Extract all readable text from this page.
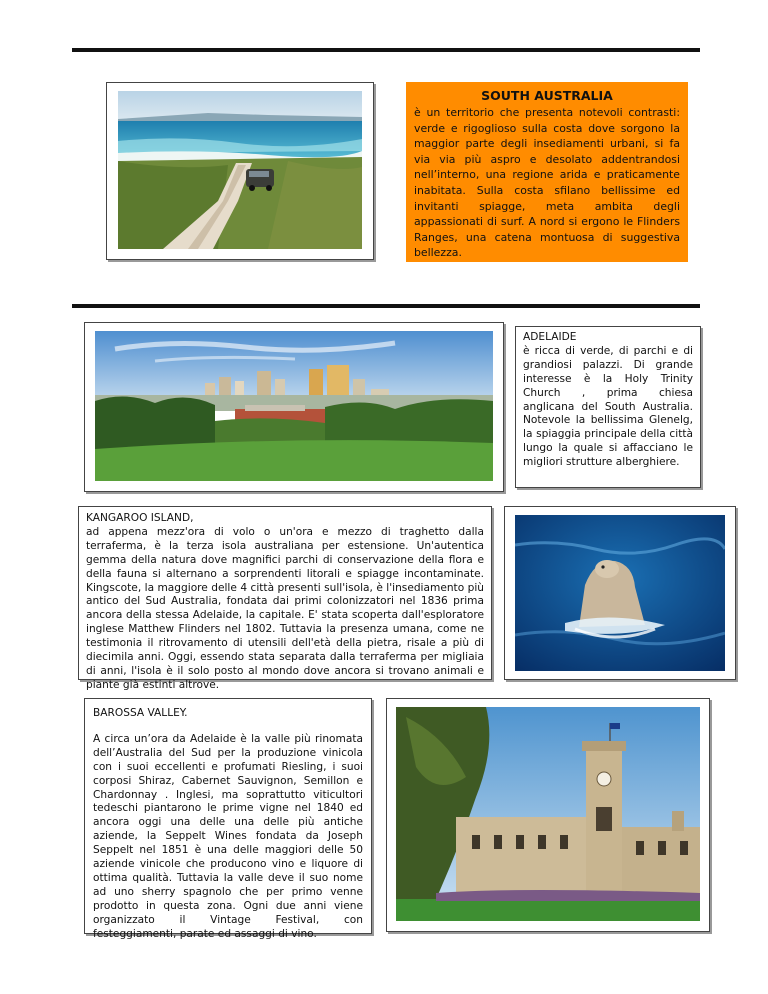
SOUTH AUSTRALIA
è un territorio che presenta notevoli contrasti: verde e rigoglioso sulla costa dove sorgono la maggior parte degli insediamenti urbani, si fa via via più aspro e desolato addentrandosi nell’interno, una regione arida e praticamente inabitata. Sulla costa sfilano bellissime ed invitanti spiagge, meta ambita degli appassionati di surf. A nord si ergono le Flinders Ranges, una catena montuosa di suggestiva bellezza.
ADELAIDE
è ricca di verde, di parchi e di grandiosi palazzi. Di grande interesse è la Holy Trinity Church , prima chiesa anglicana del South Australia. Notevole la bellissima Glenelg, la spiaggia principale della città lungo la quale si affacciano le migliori strutture alberghiere.
KANGAROO ISLAND,
ad appena mezz'ora di volo o un'ora e mezzo di traghetto dalla terraferma, è la terza isola australiana per estensione. Un'autentica gemma della natura dove magnifici parchi di conservazione della flora e della fauna si alternano a sorprendenti litorali e spiagge incontaminate. Kingscote, la maggiore delle 4 città presenti sull'isola, è l'insediamento più antico del Sud Australia, fondata dai primi colonizzatori nel 1836 prima ancora della stessa Adelaide, la capitale. E' stata scoperta dall'esploratore inglese Matthew Flinders nel 1802. Tuttavia la presenza umana, come ne testimonia il ritrovamento di utensili dell'età della pietra, risale a più di diecimila anni. Oggi, essendo stata separata dalla terraferma per migliaia di anni, l'isola è il solo posto al mondo dove ancora si trovano animali e piante già estinti altrove.
BAROSSA VALLEY.
A circa un’ora da Adelaide è la valle più rinomata dell’Australia del Sud per la produzione vinicola con i suoi eccellenti e profumati Riesling, i suoi corposi Shiraz, Cabernet Sauvignon, Semillon e Chardonnay . Inglesi, ma soprattutto viticultori tedeschi piantarono le prime vigne nel 1840 ed ancora oggi una delle una delle più antiche aziende, la Seppelt Wines fondata da Joseph Seppelt nel 1851 è una delle maggiori delle 50 aziende vinicole che producono vino e liquore di ottima qualità. Tuttavia la valle deve il suo nome ad uno sherry spagnolo che per primo venne prodotto in questa zona. Ogni due anni viene organizzato il Vintage Festival, con festeggiamenti, parate ed assaggi di vino.
